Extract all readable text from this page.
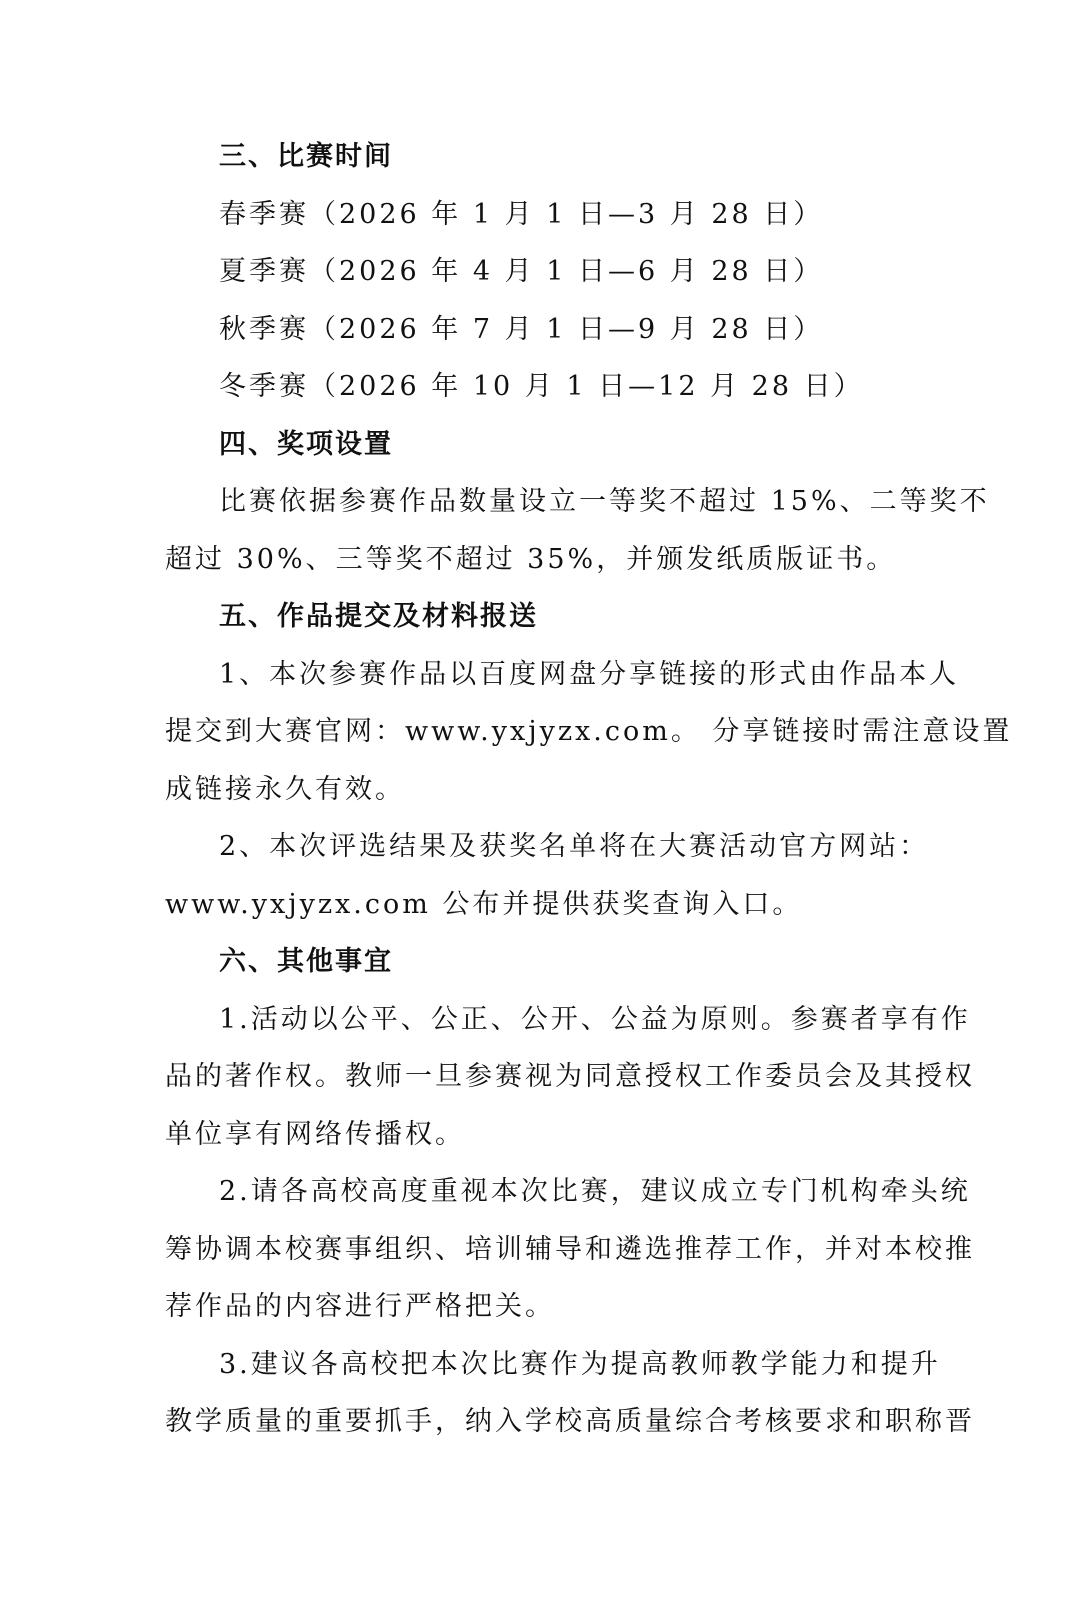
三、比赛时间
春季赛（2026 年 1 月 1 日—3 月 28 日）
夏季赛（2026 年 4 月 1 日—6 月 28 日）
秋季赛（2026 年 7 月 1 日—9 月 28 日）
冬季赛（2026 年 10 月 1 日—12 月 28 日）
四、奖项设置
比赛依据参赛作品数量设立一等奖不超过 15%、二等奖不
超过 30%、三等奖不超过 35%，并颁发纸质版证书。
五、作品提交及材料报送
1、本次参赛作品以百度网盘分享链接的形式由作品本人
提交到大赛官网：www.yxjyzx.com。 分享链接时需注意设置
成链接永久有效。
2、本次评选结果及获奖名单将在大赛活动官方网站：
www.yxjyzx.com 公布并提供获奖查询入口。
六、其他事宜
1.活动以公平、公正、公开、公益为原则。参赛者享有作
品的著作权。教师一旦参赛视为同意授权工作委员会及其授权
单位享有网络传播权。
2.请各高校高度重视本次比赛，建议成立专门机构牵头统
筹协调本校赛事组织、培训辅导和遴选推荐工作，并对本校推
荐作品的内容进行严格把关。
3.建议各高校把本次比赛作为提高教师教学能力和提升
教学质量的重要抓手，纳入学校高质量综合考核要求和职称晋
